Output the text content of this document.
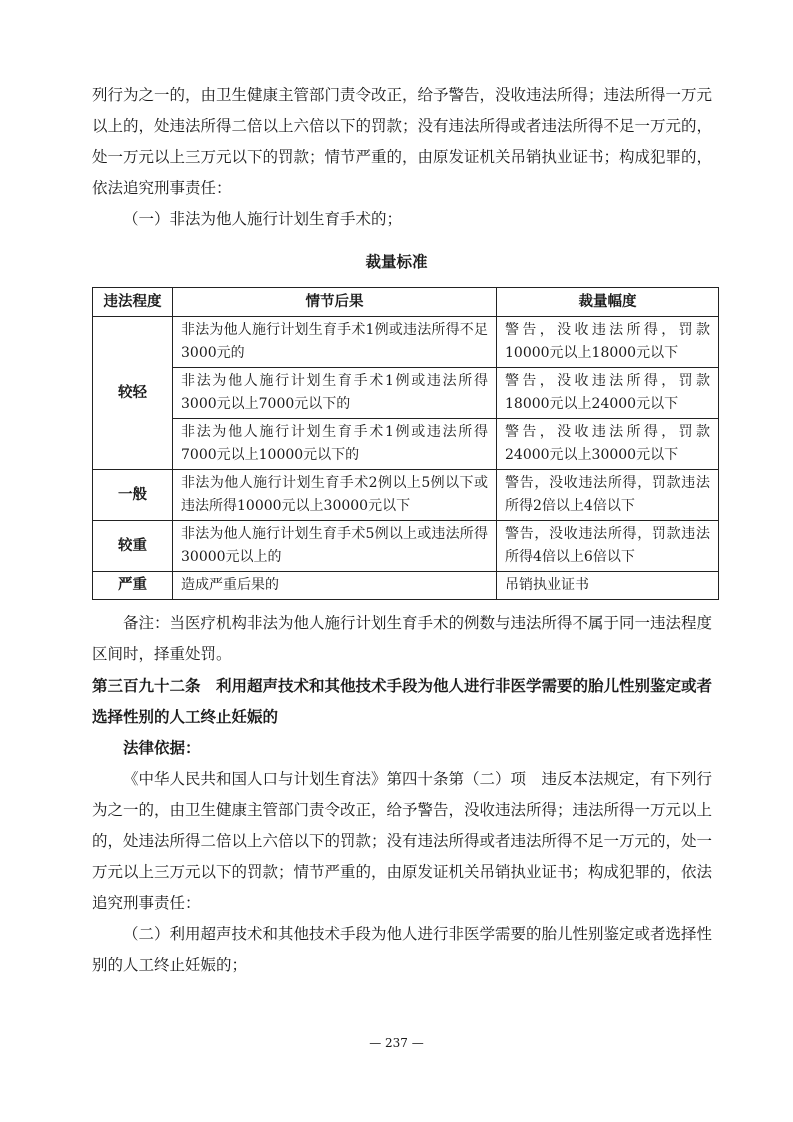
列行为之一的，由卫生健康主管部门责令改正，给予警告，没收违法所得；违法所得一万元以上的，处违法所得二倍以上六倍以下的罚款；没有违法所得或者违法所得不足一万元的，处一万元以上三万元以下的罚款；情节严重的，由原发证机关吊销执业证书；构成犯罪的，依法追究刑事责任：

（一）非法为他人施行计划生育手术的；

裁量标准
违法程度	情节后果	裁量幅度
较轻	非法为他人施行计划生育手术1例或违法所得不足3000元的	警告，没收违法所得，罚款10000元以上18000元以下
	非法为他人施行计划生育手术1例或违法所得3000元以上7000元以下的	警告，没收违法所得，罚款18000元以上24000元以下
	非法为他人施行计划生育手术1例或违法所得7000元以上10000元以下的	警告，没收违法所得，罚款24000元以上30000元以下
一般	非法为他人施行计划生育手术2例以上5例以下或违法所得10000元以上30000元以下	警告，没收违法所得，罚款违法所得2倍以上4倍以下
较重	非法为他人施行计划生育手术5例以上或违法所得30000元以上的	警告，没收违法所得，罚款违法所得4倍以上6倍以下
严重	造成严重后果的	吊销执业证书

备注：当医疗机构非法为他人施行计划生育手术的例数与违法所得不属于同一违法程度区间时，择重处罚。

第三百九十二条　利用超声技术和其他技术手段为他人进行非医学需要的胎儿性别鉴定或者选择性别的人工终止妊娠的

法律依据：

《中华人民共和国人口与计划生育法》第四十条第（二）项　违反本法规定，有下列行为之一的，由卫生健康主管部门责令改正，给予警告，没收违法所得；违法所得一万元以上的，处违法所得二倍以上六倍以下的罚款；没有违法所得或者违法所得不足一万元的，处一万元以上三万元以下的罚款；情节严重的，由原发证机关吊销执业证书；构成犯罪的，依法追究刑事责任：

（二）利用超声技术和其他技术手段为他人进行非医学需要的胎儿性别鉴定或者选择性别的人工终止妊娠的；

— 237 —
